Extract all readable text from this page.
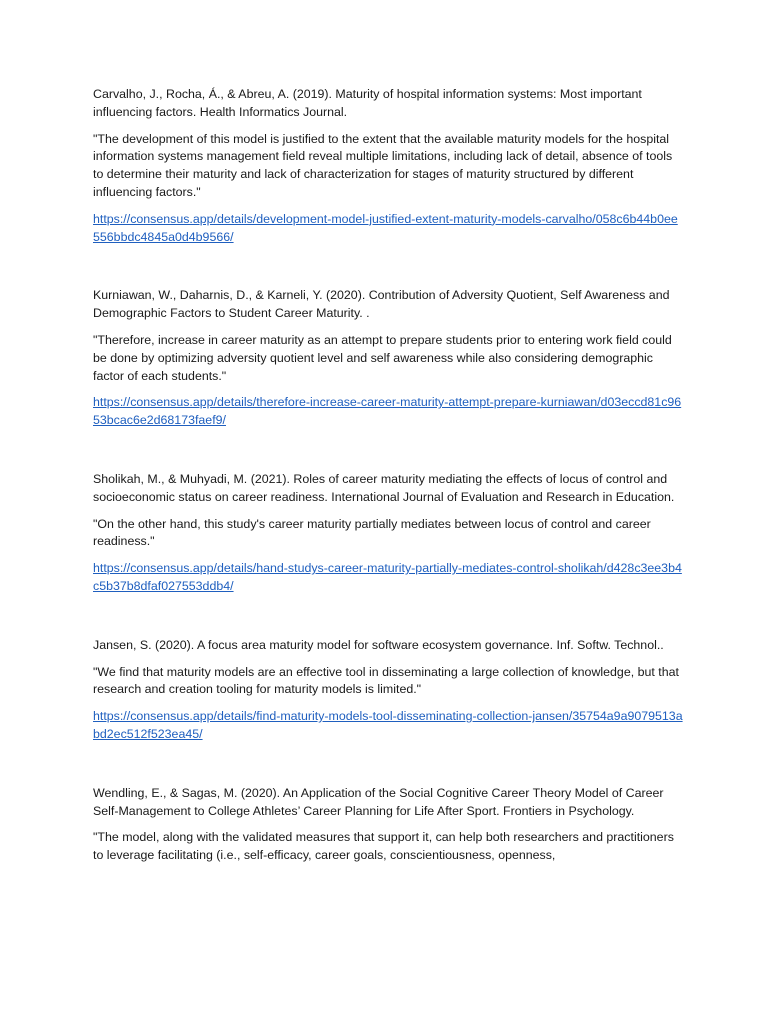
Carvalho, J., Rocha, Á., & Abreu, A. (2019). Maturity of hospital information systems: Most important influencing factors. Health Informatics Journal.

"The development of this model is justified to the extent that the available maturity models for the hospital information systems management field reveal multiple limitations, including lack of detail, absence of tools to determine their maturity and lack of characterization for stages of maturity structured by different influencing factors."

https://consensus.app/details/development-model-justified-extent-maturity-models-carvalho/058c6b44b0ee556bbdc4845a0d4b9566/

Kurniawan, W., Daharnis, D., & Karneli, Y. (2020). Contribution of Adversity Quotient, Self Awareness and Demographic Factors to Student Career Maturity. .

"Therefore, increase in career maturity as an attempt to prepare students prior to entering work field could be done by optimizing adversity quotient level and self awareness while also considering demographic factor of each students."

https://consensus.app/details/therefore-increase-career-maturity-attempt-prepare-kurniawan/d03eccd81c9653bcac6e2d68173faef9/

Sholikah, M., & Muhyadi, M. (2021). Roles of career maturity mediating the effects of locus of control and socioeconomic status on career readiness. International Journal of Evaluation and Research in Education.

"On the other hand, this study's career maturity partially mediates between locus of control and career readiness."

https://consensus.app/details/hand-studys-career-maturity-partially-mediates-control-sholikah/d428c3ee3b4c5b37b8dfaf027553ddb4/

Jansen, S. (2020). A focus area maturity model for software ecosystem governance. Inf. Softw. Technol..

"We find that maturity models are an effective tool in disseminating a large collection of knowledge, but that research and creation tooling for maturity models is limited."

https://consensus.app/details/find-maturity-models-tool-disseminating-collection-jansen/35754a9a9079513abd2ec512f523ea45/

Wendling, E., & Sagas, M. (2020). An Application of the Social Cognitive Career Theory Model of Career Self-Management to College Athletes’ Career Planning for Life After Sport. Frontiers in Psychology.

"The model, along with the validated measures that support it, can help both researchers and practitioners to leverage facilitating (i.e., self-efficacy, career goals, conscientiousness, openness,
